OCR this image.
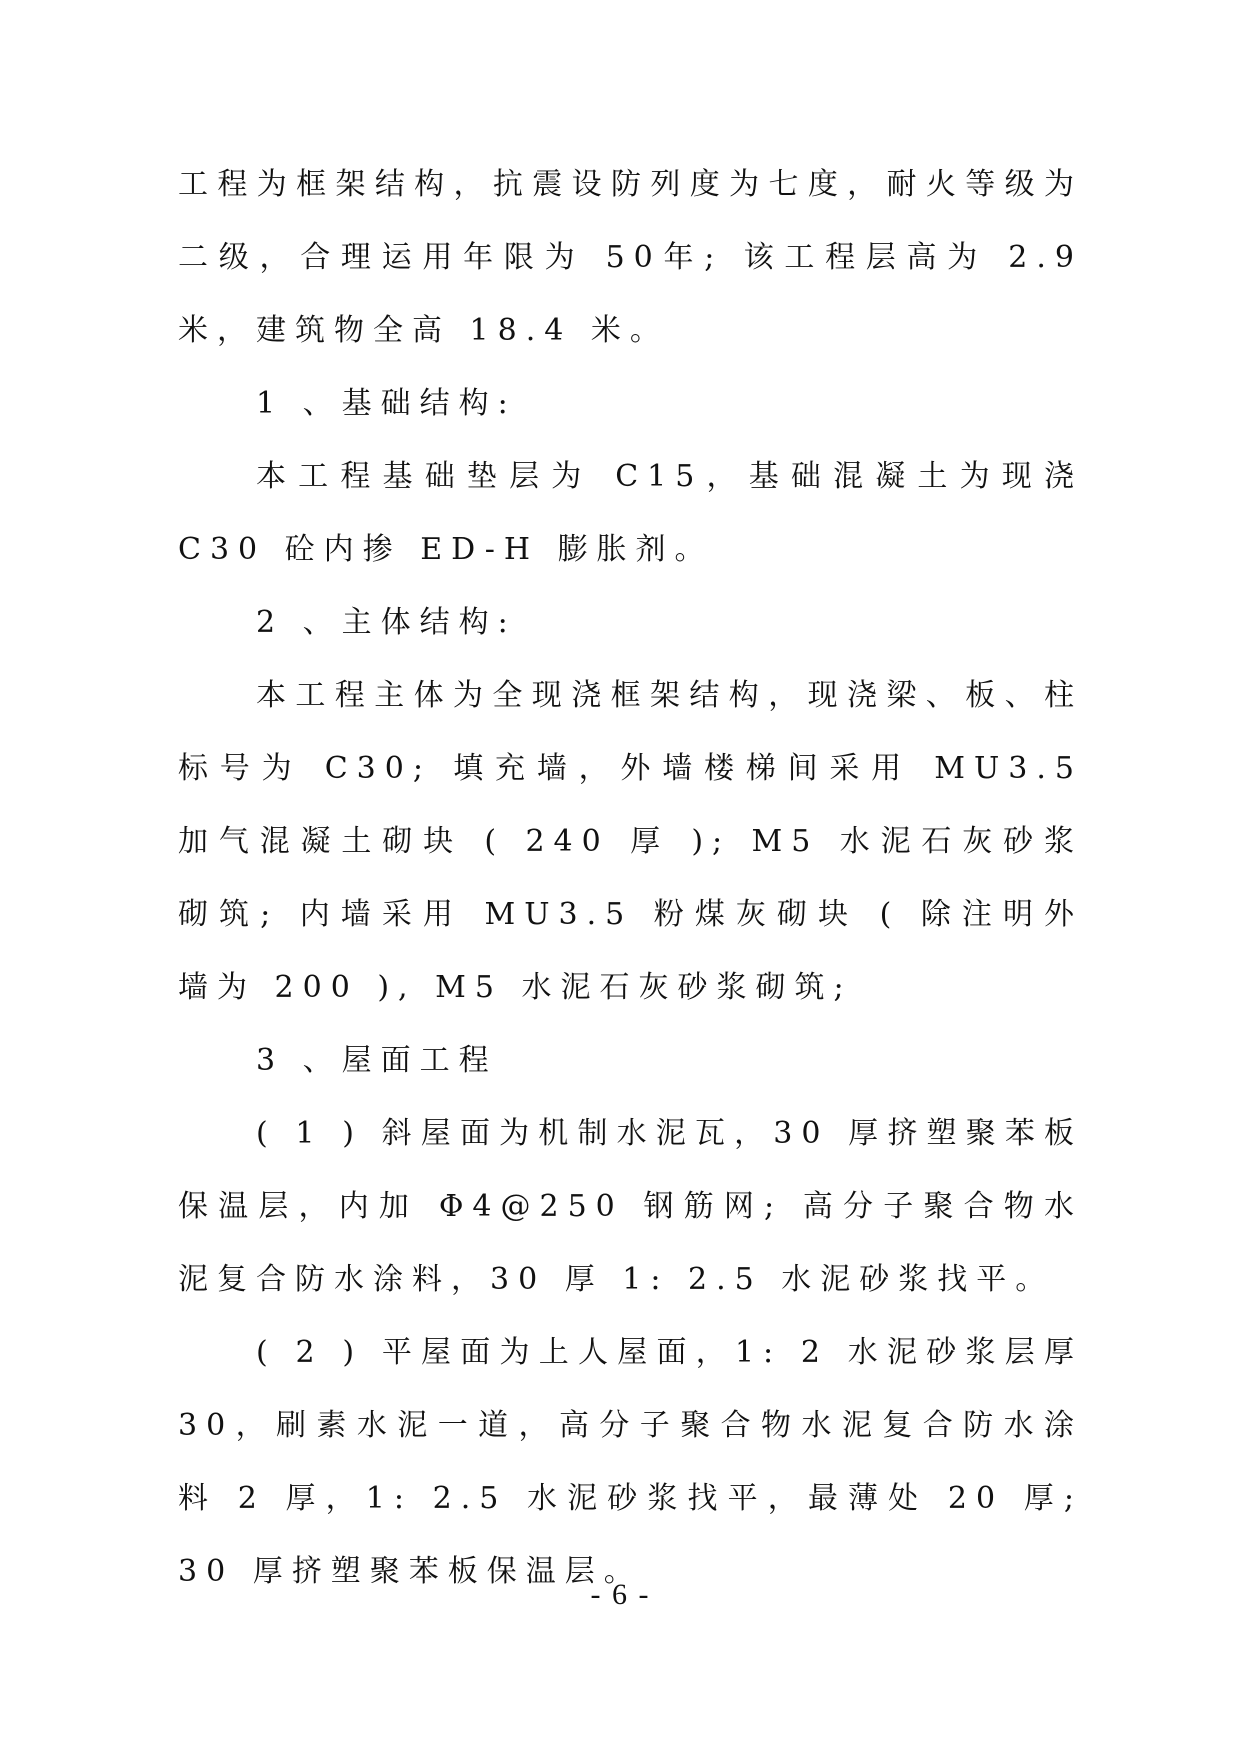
工程为框架结构，抗震设防列度为七度，耐火等级为二级，合理运用年限为 50年; 该工程层高为 2.9米，建筑物全高 18.4 米。

1 、基础结构:

本工程基础垫层为 C15，基础混凝土为现浇 C30 砼内掺 ED-H 膨胀剂。

2 、主体结构:

本工程主体为全现浇框架结构，现浇梁、板、柱标号为 C30; 填充墙，外墙楼梯间采用 MU3.5 加气混凝土砌块 ( 240 厚 ); M5 水泥石灰砂浆砌筑; 内墙采用 MU3.5 粉煤灰砌块 ( 除注明外墙为 200 ), M5 水泥石灰砂浆砌筑;

3 、屋面工程

( 1 ) 斜屋面为机制水泥瓦，30 厚挤塑聚苯板保温层，内加 Φ4@250 钢筋网; 高分子聚合物水泥复合防水涂料，30 厚 1: 2.5 水泥砂浆找平。

( 2 ) 平屋面为上人屋面，1: 2 水泥砂浆层厚 30，刷素水泥一道，高分子聚合物水泥复合防水涂料 2 厚，1: 2.5 水泥砂浆找平，最薄处 20 厚; 30 厚挤塑聚苯板保温层。

- 6 -
